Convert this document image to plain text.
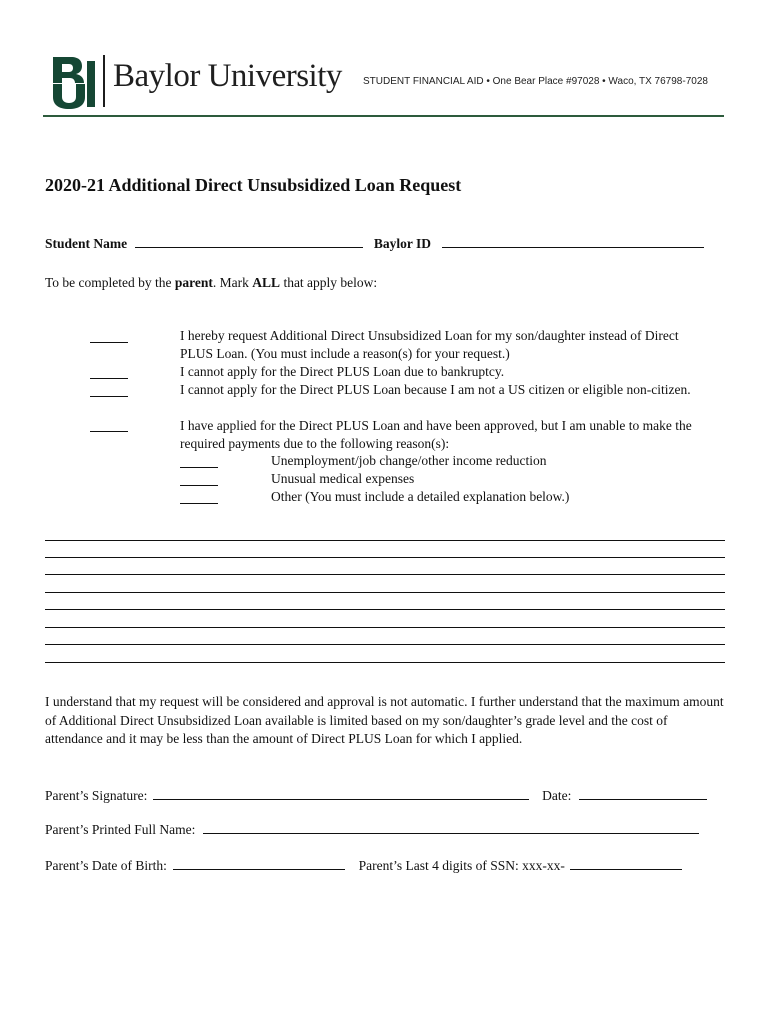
Baylor University STUDENT FINANCIAL AID • One Bear Place #97028 • Waco, TX 76798-7028
2020-21 Additional Direct Unsubsidized Loan Request
Student Name	Baylor ID
To be completed by the parent. Mark ALL that apply below:
I hereby request Additional Direct Unsubsidized Loan for my son/daughter instead of Direct PLUS Loan. (You must include a reason(s) for your request.)
I cannot apply for the Direct PLUS Loan due to bankruptcy.
I cannot apply for the Direct PLUS Loan because I am not a US citizen or eligible non-citizen.
I have applied for the Direct PLUS Loan and have been approved, but I am unable to make the required payments due to the following reason(s):
Unemployment/job change/other income reduction
Unusual medical expenses
Other (You must include a detailed explanation below.)
I understand that my request will be considered and approval is not automatic. I further understand that the maximum amount of Additional Direct Unsubsidized Loan available is limited based on my son/daughter’s grade level and the cost of attendance and it may be less than the amount of Direct PLUS Loan for which I applied.
Parent’s Signature:	Date:
Parent’s Printed Full Name:
Parent’s Date of Birth:	Parent’s Last 4 digits of SSN: xxx-xx-
